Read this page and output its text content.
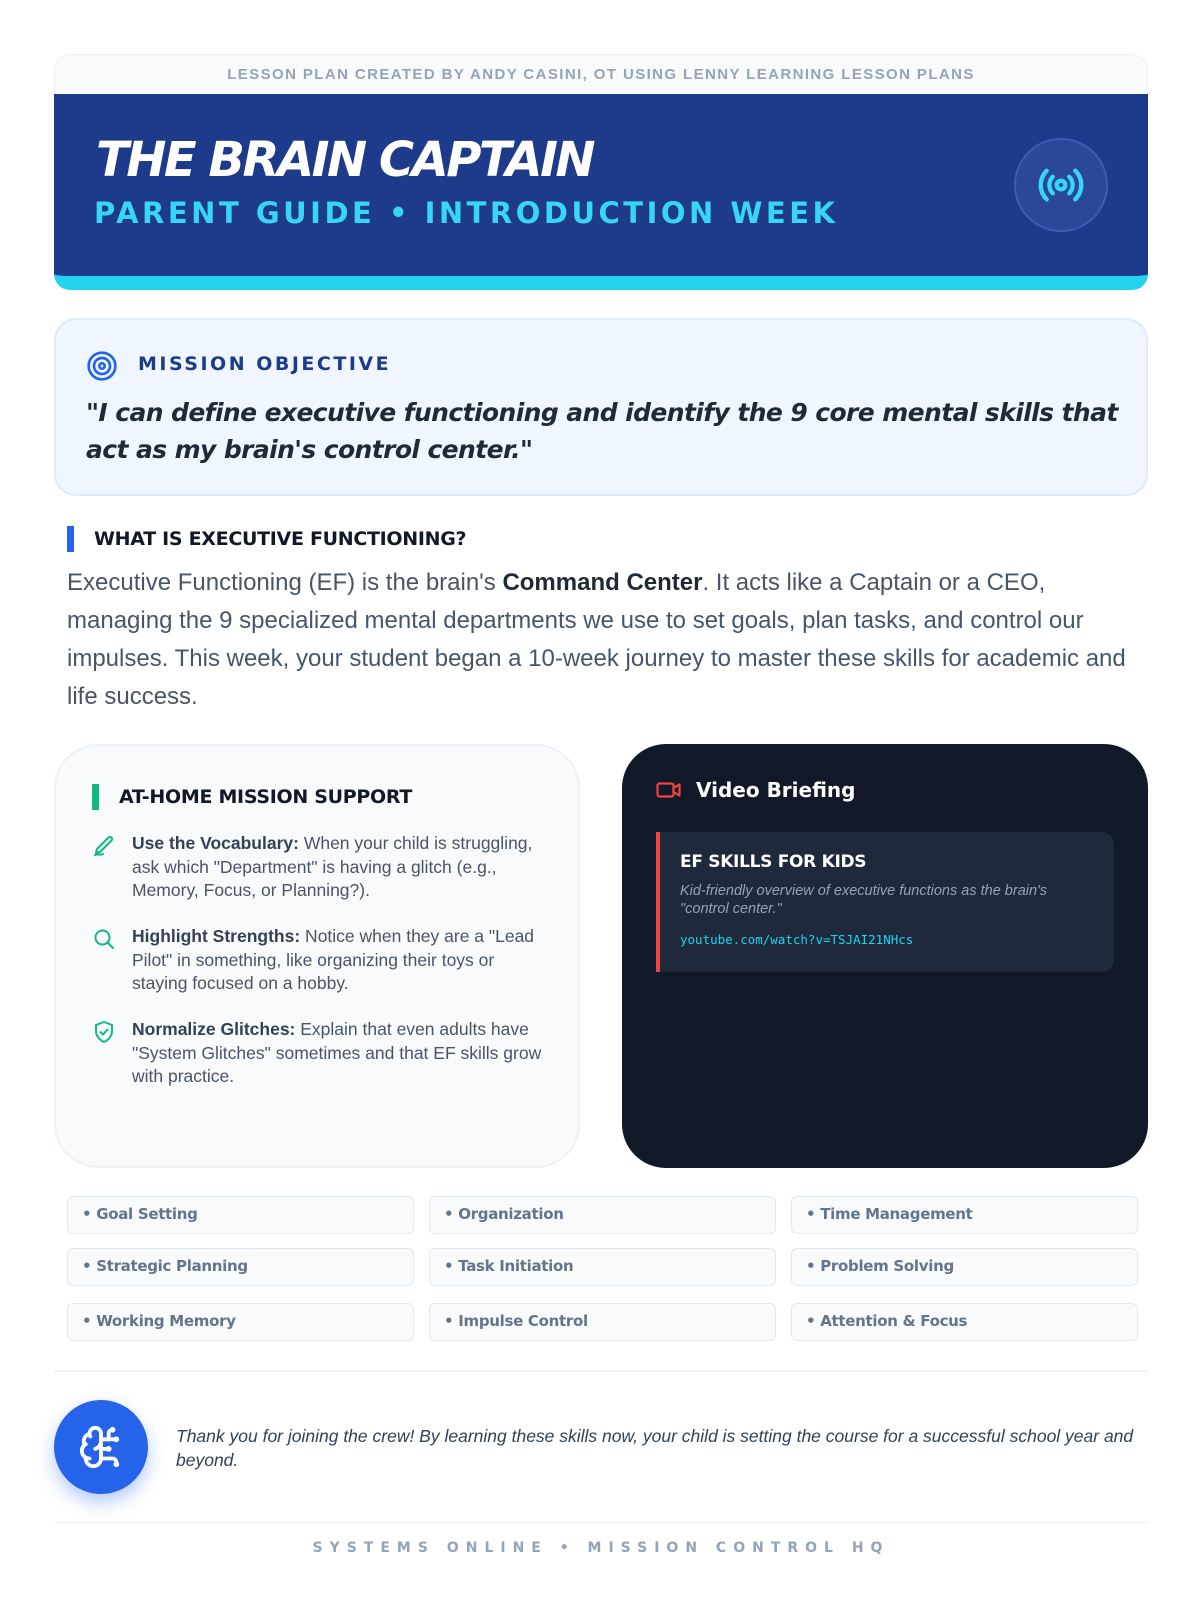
LESSON PLAN CREATED BY ANDY CASINI, OT USING LENNY LEARNING LESSON PLANS
THE BRAIN CAPTAIN
PARENT GUIDE • INTRODUCTION WEEK
MISSION OBJECTIVE
"I can define executive functioning and identify the 9 core mental skills that act as my brain's control center."
WHAT IS EXECUTIVE FUNCTIONING?

Executive Functioning (EF) is the brain's Command Center. It acts like a Captain or a CEO, managing the 9 specialized mental departments we use to set goals, plan tasks, and control our impulses. This week, your student began a 10-week journey to master these skills for academic and life success.

AT-HOME MISSION SUPPORT
Use the Vocabulary: When your child is struggling, ask which "Department" is having a glitch (e.g., Memory, Focus, or Planning?).
Highlight Strengths: Notice when they are a "Lead Pilot" in something, like organizing their toys or staying focused on a hobby.
Normalize Glitches: Explain that even adults have "System Glitches" sometimes and that EF skills grow with practice.
Video Briefing
EF SKILLS FOR KIDS
Kid-friendly overview of executive functions as the brain's "control center."
youtube.com/watch?v=TSJAI21NHcs
• Goal Setting	• Organization	• Time Management
• Strategic Planning	• Task Initiation	• Problem Solving
• Working Memory	• Impulse Control	• Attention & Focus

Thank you for joining the crew! By learning these skills now, your child is setting the course for a successful school year and beyond.

SYSTEMS ONLINE • MISSION CONTROL HQ
